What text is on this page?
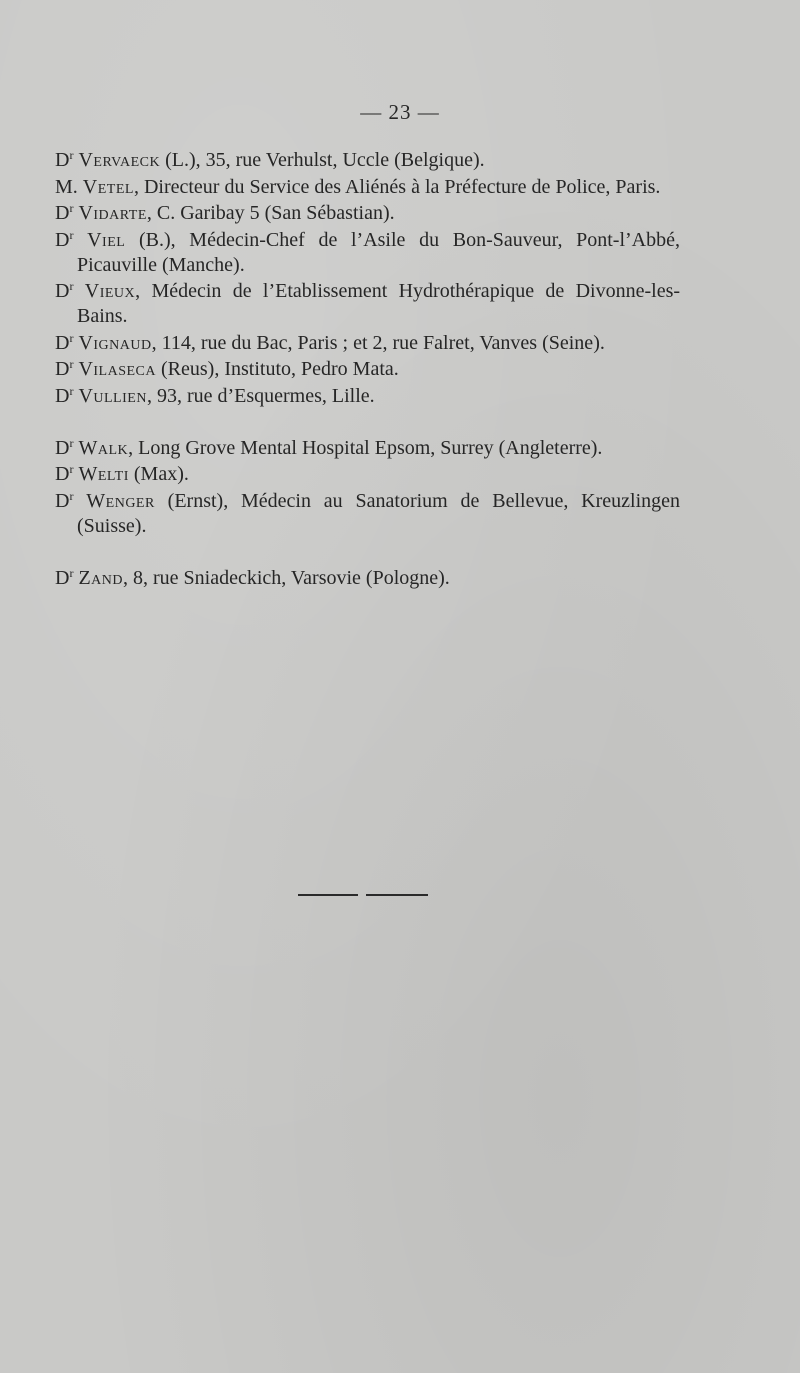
— 23 —
$D^r$ Vervaeck (L.), 35, rue Verhulst, Uccle (Belgique).
M. Vetel, Directeur du Service des Aliénés à la Préfecture de Police, Paris.
$D^r$ Vidarte, C. Garibay 5 (San Sébastian).
$D^r$ Viel (B.), Médecin-Chef de l’Asile du Bon-Sauveur, Pont-l’Abbé, Picauville (Manche).
$D^r$ Vieux, Médecin de l’Etablissement Hydrothérapique de Divonne-les-Bains.
$D^r$ Vignaud, 114, rue du Bac, Paris ; et 2, rue Falret, Vanves (Seine).
$D^r$ Vilaseca (Reus), Instituto, Pedro Mata.
$D^r$ Vullien, 93, rue d’Esquermes, Lille.
$D^r$ Walk, Long Grove Mental Hospital Epsom, Surrey (Angleterre).
$D^r$ Welti (Max).
$D^r$ Wenger (Ernst), Médecin au Sanatorium de Bellevue, Kreuzlingen (Suisse).
$D^r$ Zand, 8, rue Sniadeckich, Varsovie (Pologne).
